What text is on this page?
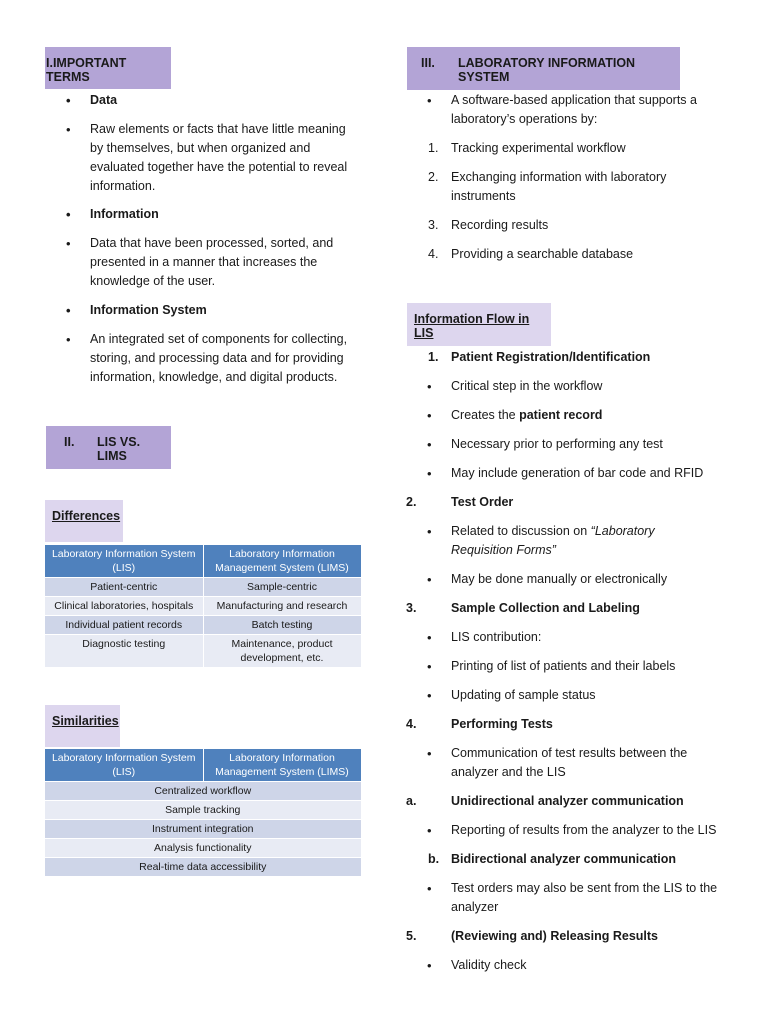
I.IMPORTANT TERMS
• Data
• Raw elements or facts that have little meaning
by themselves, but when organized and
evaluated together have the potential to reveal
information.
• Information
• Data that have been processed, sorted, and
presented in a manner that increases the
knowledge of the user.
• Information System
• An integrated set of components for collecting,
storing, and processing data and for providing
information, knowledge, and digital products.
II. LIS VS. LIMS
Differences
Laboratory Information System (LIS)	Laboratory Information Management System (LIMS)
Patient-centric	Sample-centric
Clinical laboratories, hospitals	Manufacturing and research
Individual patient records	Batch testing
Diagnostic testing	Maintenance, product development, etc.
Similarities
Laboratory Information System (LIS)	Laboratory Information Management System (LIMS)
Centralized workflow
Sample tracking
Instrument integration
Analysis functionality
Real-time data accessibility
III. LABORATORY INFORMATION SYSTEM
• A software-based application that supports a
laboratory’s operations by:
1.	Tracking experimental workflow
2.	Exchanging information with laboratory
instruments
3.	Recording results
4.	Providing a searchable database
Information Flow in LIS
1.	Patient Registration/Identification
• Critical step in the workflow
• Creates the patient record
• Necessary prior to performing any test
• May include generation of bar code and RFID
2.	Test Order
• Related to discussion on “Laboratory
Requisition Forms”
• May be done manually or electronically
3.	Sample Collection and Labeling
• LIS contribution:
• Printing of list of patients and their labels
• Updating of sample status
4.	Performing Tests
• Communication of test results between the
analyzer and the LIS
a.	Unidirectional analyzer communication
• Reporting of results from the analyzer to the LIS
b. Bidirectional analyzer communication
• Test orders may also be sent from the LIS to the
analyzer
5.	(Reviewing and) Releasing Results
• Validity check
